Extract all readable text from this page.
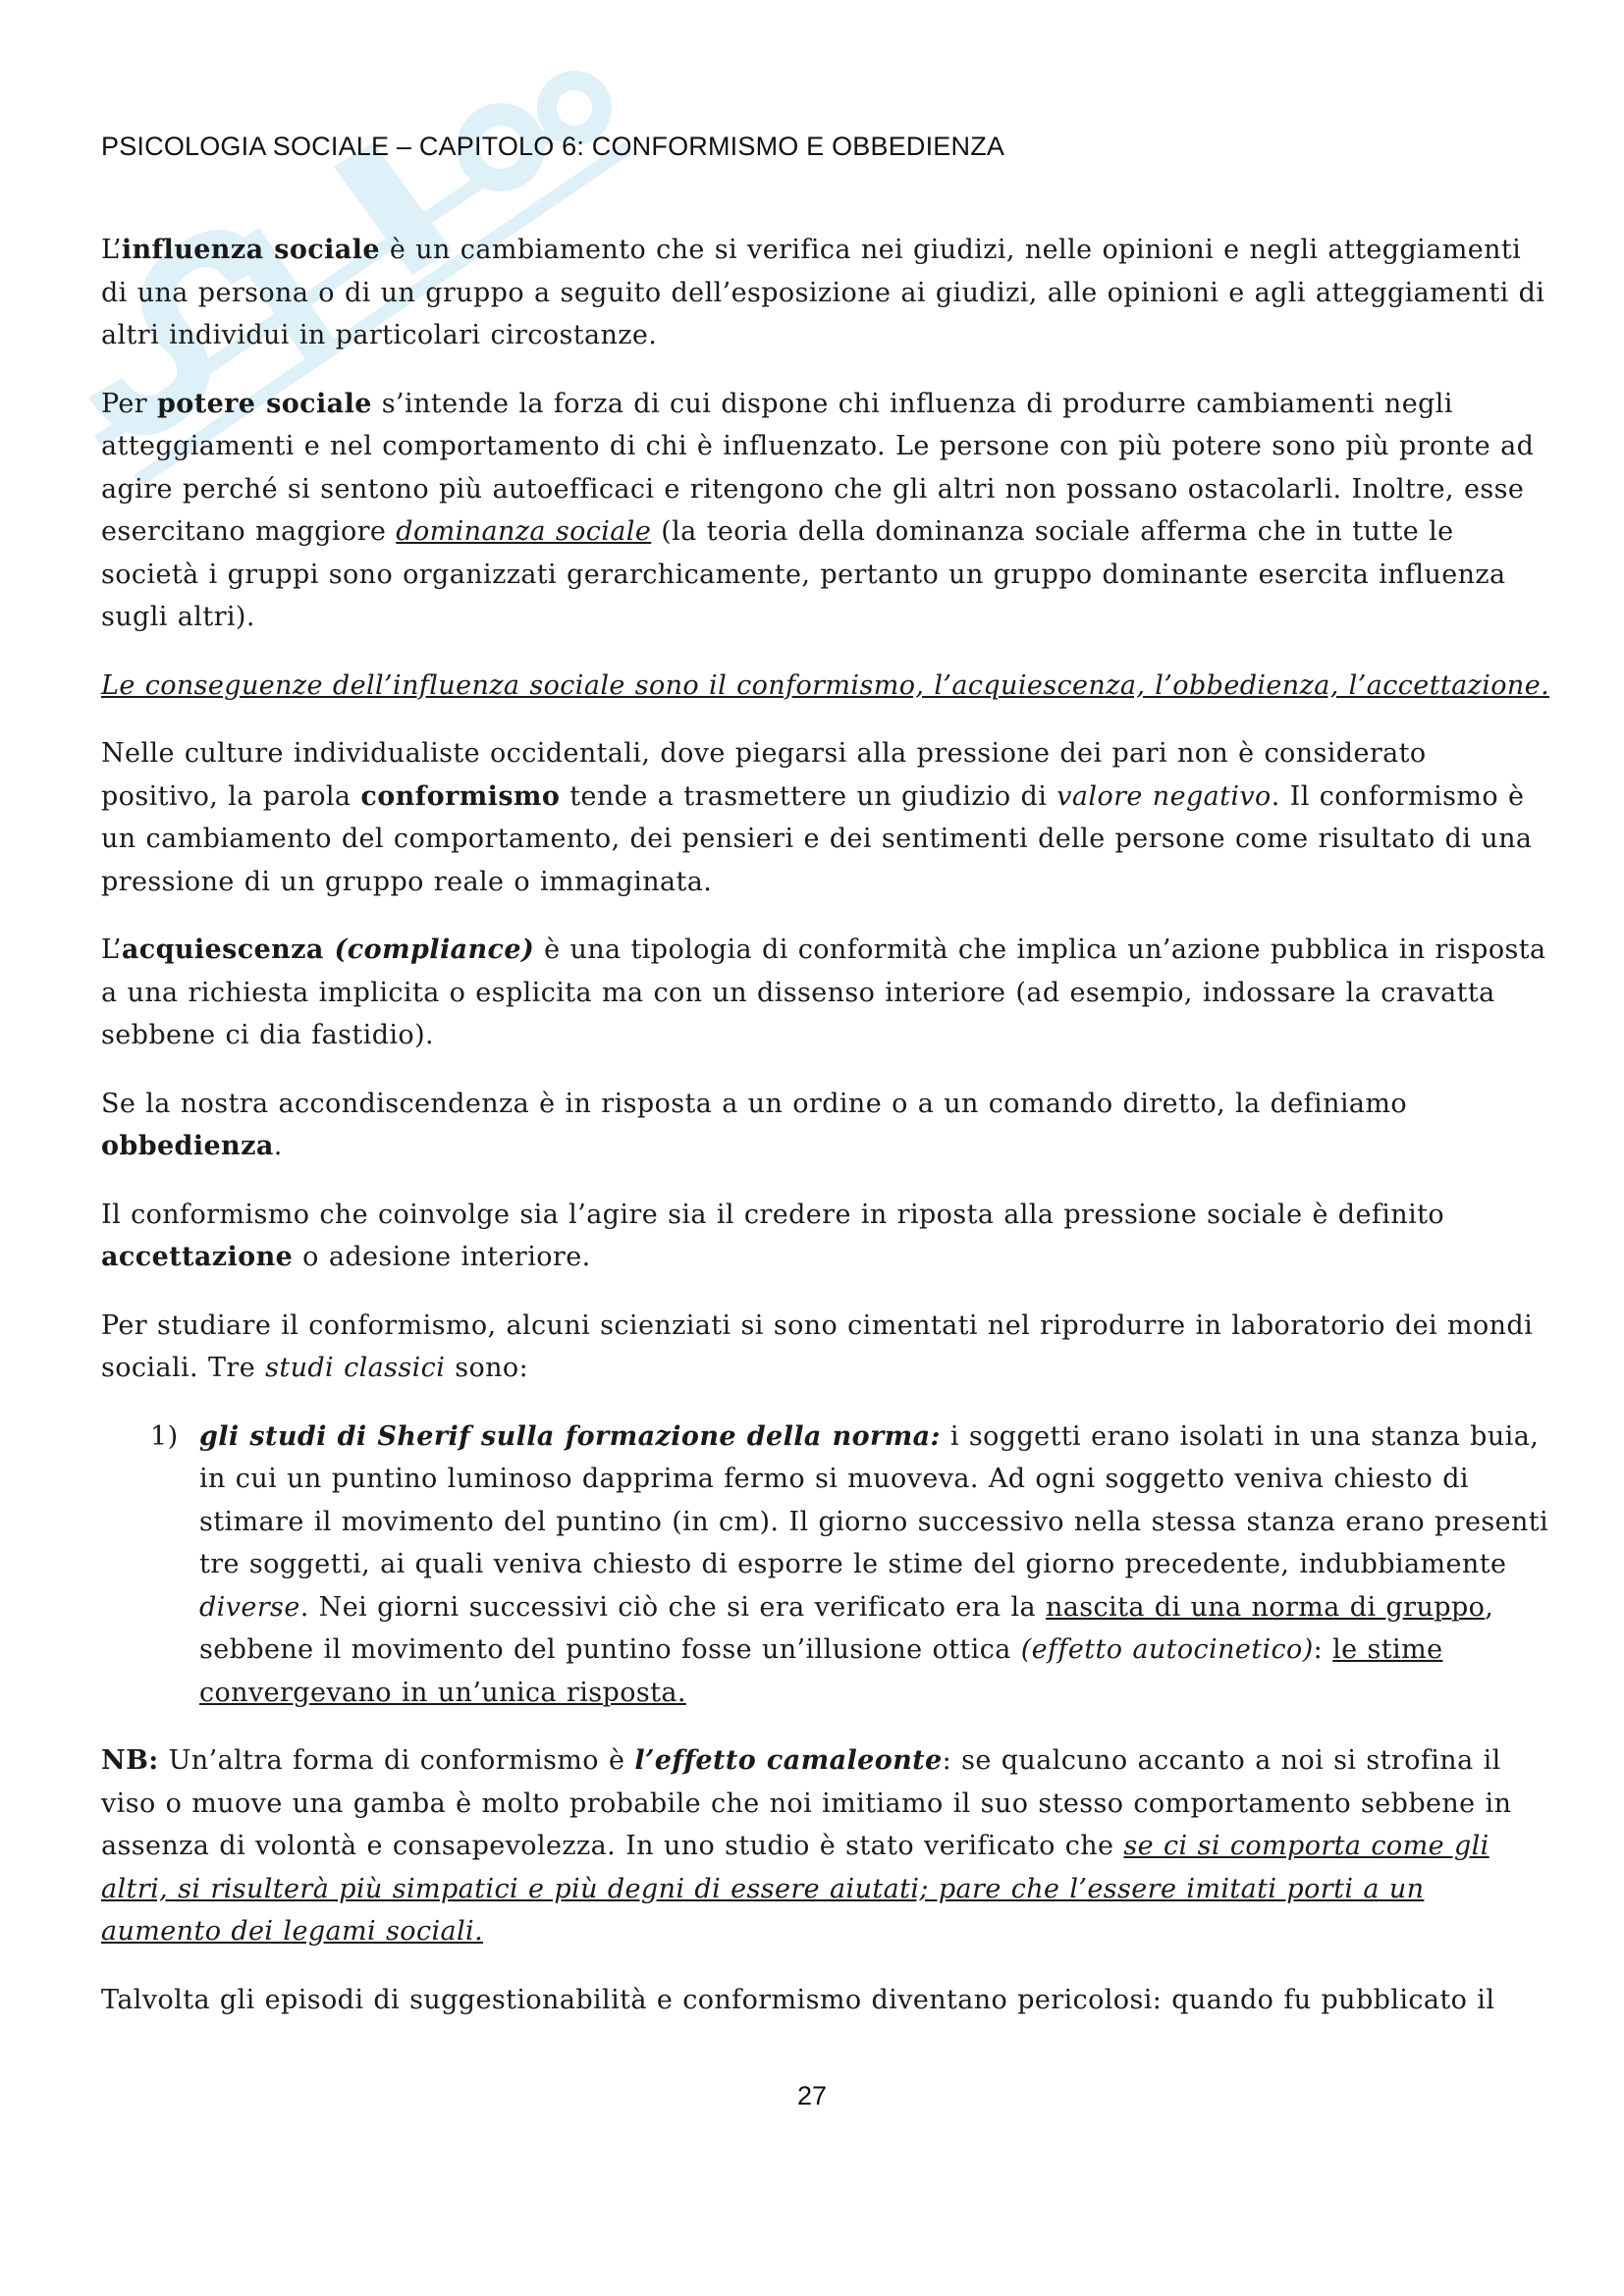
PSICOLOGIA SOCIALE – CAPITOLO 6: CONFORMISMO E OBBEDIENZA

L’influenza sociale è un cambiamento che si verifica nei giudizi, nelle opinioni e negli atteggiamenti di una persona o di un gruppo a seguito dell’esposizione ai giudizi, alle opinioni e agli atteggiamenti di altri individui in particolari circostanze.

Per potere sociale s’intende la forza di cui dispone chi influenza di produrre cambiamenti negli atteggiamenti e nel comportamento di chi è influenzato. Le persone con più potere sono più pronte ad agire perché si sentono più autoefficaci e ritengono che gli altri non possano ostacolarli. Inoltre, esse esercitano maggiore dominanza sociale (la teoria della dominanza sociale afferma che in tutte le società i gruppi sono organizzati gerarchicamente, pertanto un gruppo dominante esercita influenza sugli altri).

Le conseguenze dell’influenza sociale sono il conformismo, l’acquiescenza, l’obbedienza, l’accettazione.

Nelle culture individualiste occidentali, dove piegarsi alla pressione dei pari non è considerato positivo, la parola conformismo tende a trasmettere un giudizio di valore negativo. Il conformismo è un cambiamento del comportamento, dei pensieri e dei sentimenti delle persone come risultato di una pressione di un gruppo reale o immaginata.

L’acquiescenza (compliance) è una tipologia di conformità che implica un’azione pubblica in risposta a una richiesta implicita o esplicita ma con un dissenso interiore (ad esempio, indossare la cravatta sebbene ci dia fastidio).

Se la nostra accondiscendenza è in risposta a un ordine o a un comando diretto, la definiamo obbedienza.

Il conformismo che coinvolge sia l’agire sia il credere in riposta alla pressione sociale è definito accettazione o adesione interiore.

Per studiare il conformismo, alcuni scienziati si sono cimentati nel riprodurre in laboratorio dei mondi sociali. Tre studi classici sono:

1) gli studi di Sherif sulla formazione della norma: i soggetti erano isolati in una stanza buia, in cui un puntino luminoso dapprima fermo si muoveva. Ad ogni soggetto veniva chiesto di stimare il movimento del puntino (in cm). Il giorno successivo nella stessa stanza erano presenti tre soggetti, ai quali veniva chiesto di esporre le stime del giorno precedente, indubbiamente diverse. Nei giorni successivi ciò che si era verificato era la nascita di una norma di gruppo, sebbene il movimento del puntino fosse un’illusione ottica (effetto autocinetico): le stime convergevano in un’unica risposta.

NB: Un’altra forma di conformismo è l’effetto camaleonte: se qualcuno accanto a noi si strofina il viso o muove una gamba è molto probabile che noi imitiamo il suo stesso comportamento sebbene in assenza di volontà e consapevolezza. In uno studio è stato verificato che se ci si comporta come gli altri, si risulterà più simpatici e più degni di essere aiutati; pare che l’essere imitati porti a un aumento dei legami sociali.

Talvolta gli episodi di suggestionabilità e conformismo diventano pericolosi: quando fu pubblicato il

27
